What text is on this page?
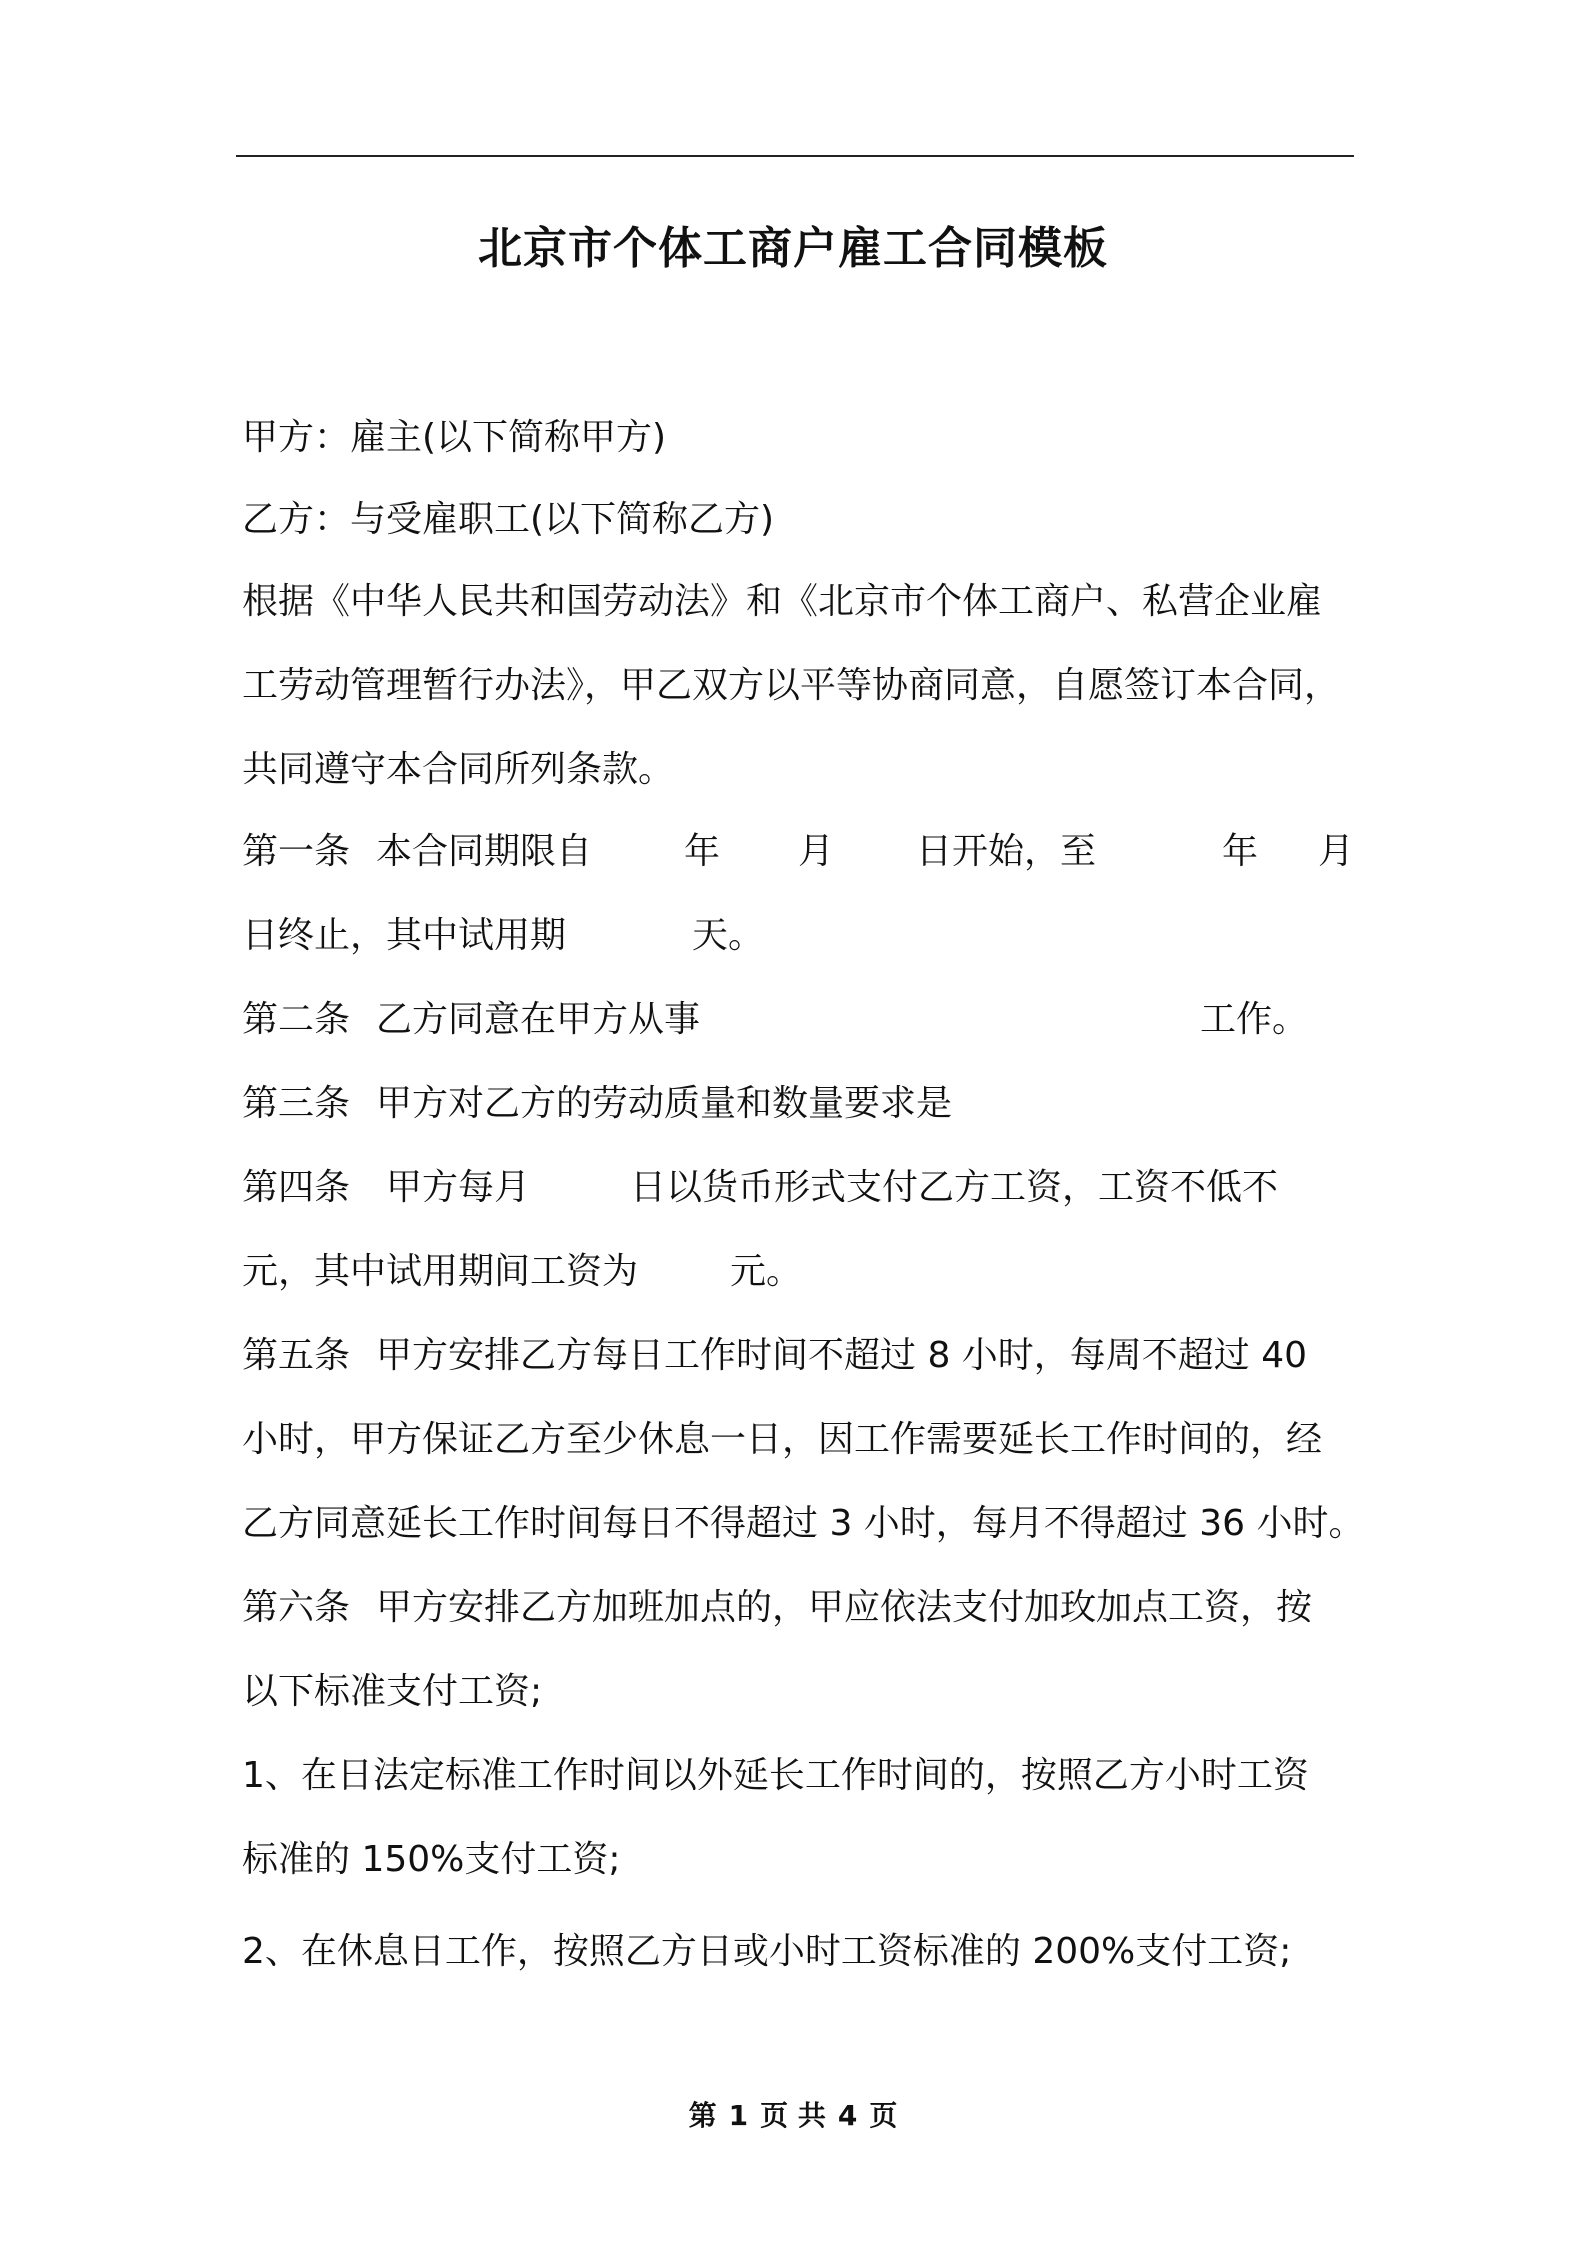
北京市个体工商户雇工合同模板
甲方：雇主(以下简称甲方)
乙方：与受雇职工(以下简称乙方)
根据《中华人民共和国劳动法》和《北京市个体工商户、私营企业雇
工劳动管理暂行办法》，甲乙双方以平等协商同意，自愿签订本合同，
共同遵守本合同所列条款。
第一条 本合同期限自	年 月 日开始，至	年 月
日终止，其中试用期	天。
第二条 乙方同意在甲方从事	工作。
第三条 甲方对乙方的劳动质量和数量要求是
第四条 甲方每月	日以货币形式支付乙方工资，工资不低不
元，其中试用期间工资为	元。
第五条 甲方安排乙方每日工作时间不超过 8 小时，每周不超过 40
小时，甲方保证乙方至少休息一日，因工作需要延长工作时间的，经
乙方同意延长工作时间每日不得超过 3 小时，每月不得超过 36 小时。
第六条 甲方安排乙方加班加点的，甲应依法支付加玫加点工资，按
以下标准支付工资;
1、在日法定标准工作时间以外延长工作时间的，按照乙方小时工资
标准的 150%支付工资;
2、在休息日工作，按照乙方日或小时工资标准的 200%支付工资;
第 1 页 共 4 页
